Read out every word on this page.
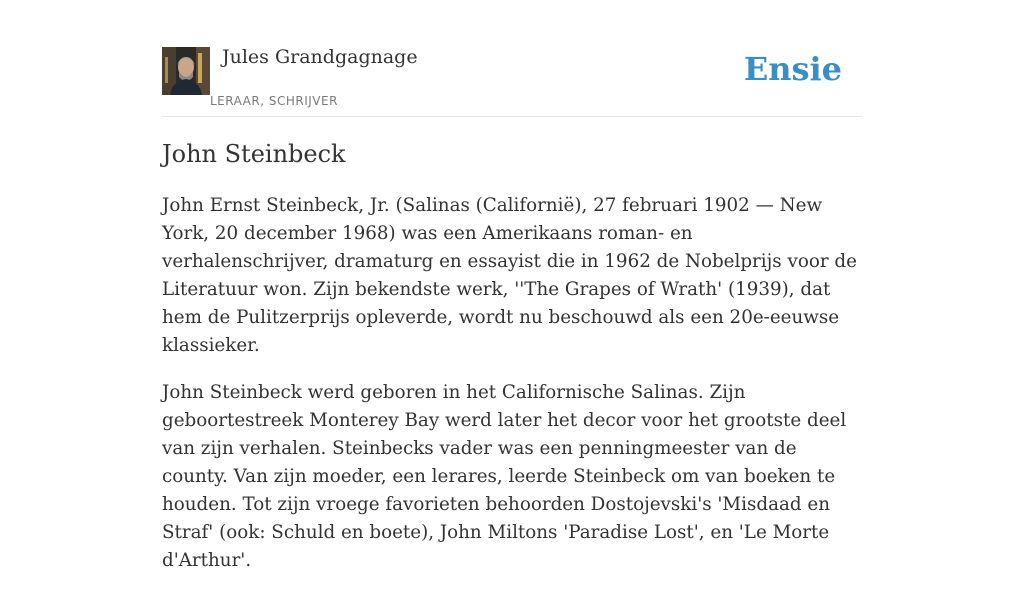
Jules Grandgagnage
LERAAR, SCHRIJVER
Ensie
John Steinbeck

John Ernst Steinbeck, Jr. (Salinas (Californië), 27 februari 1902 — New York, 20 december 1968) was een Amerikaans roman- en verhalenschrijver, dramaturg en essayist die in 1962 de Nobelprijs voor de Literatuur won. Zijn bekendste werk, ''The Grapes of Wrath' (1939), dat hem de Pulitzerprijs opleverde, wordt nu beschouwd als een 20e-eeuwse klassieker.

John Steinbeck werd geboren in het Californische Salinas. Zijn geboortestreek Monterey Bay werd later het decor voor het grootste deel van zijn verhalen. Steinbecks vader was een penningmeester van de county. Van zijn moeder, een lerares, leerde Steinbeck om van boeken te houden. Tot zijn vroege favorieten behoorden Dostojevski's 'Misdaad en Straf' (ook: Schuld en boete), John Miltons 'Paradise Lost', en 'Le Morte d'Arthur'.
